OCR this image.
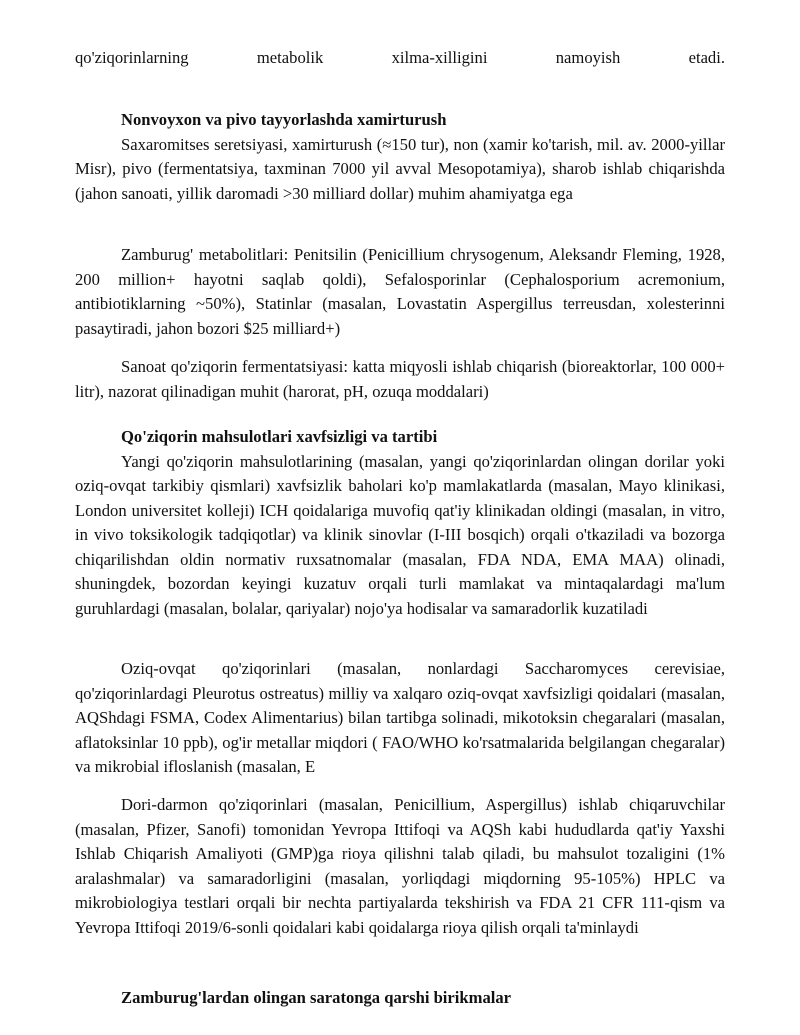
qo'ziqorinlarning metabolik xilma-xilligini namoyish etadi.

Nonvoyxon va pivo tayyorlashda xamirturush

Saxaromitses seretsiyasi, xamirturush (≈150 tur), non (xamir ko'tarish, mil. av. 2000-yillar Misr), pivo (fermentatsiya, taxminan 7000 yil avval Mesopotamiya), sharob ishlab chiqarishda (jahon sanoati, yillik daromadi >30 milliard dollar) muhim ahamiyatga ega

Zamburug' metabolitlari: Penitsilin (Penicillium chrysogenum, Aleksandr Fleming, 1928, 200 million+ hayotni saqlab qoldi), Sefalosporinlar (Cephalosporium acremonium, antibiotiklarning ~50%), Statinlar (masalan, Lovastatin Aspergillus terreusdan, xolesterinni pasaytiradi, jahon bozori $25 milliard+)

Sanoat qo'ziqorin fermentatsiyasi: katta miqyosli ishlab chiqarish (bioreaktorlar, 100 000+ litr), nazorat qilinadigan muhit (harorat, pH, ozuqa moddalari)

Qo'ziqorin mahsulotlari xavfsizligi va tartibi

Yangi qo'ziqorin mahsulotlarining (masalan, yangi qo'ziqorinlardan olingan dorilar yoki oziq-ovqat tarkibiy qismlari) xavfsizlik baholari ko'p mamlakatlarda (masalan, Mayo klinikasi, London universitet kolleji) ICH qoidalariga muvofiq qat'iy klinikadan oldingi (masalan, in vitro, in vivo toksikologik tadqiqotlar) va klinik sinovlar (I-III bosqich) orqali o'tkaziladi va bozorga chiqarilishdan oldin normativ ruxsatnomalar (masalan, FDA NDA, EMA MAA) olinadi, shuningdek, bozordan keyingi kuzatuv orqali turli mamlakat va mintaqalardagi ma'lum guruhlardagi (masalan, bolalar, qariyalar) nojo'ya hodisalar va samaradorlik kuzatiladi

Oziq-ovqat qo'ziqorinlari (masalan, nonlardagi Saccharomyces cerevisiae, qo'ziqorinlardagi Pleurotus ostreatus) milliy va xalqaro oziq-ovqat xavfsizligi qoidalari (masalan, AQShdagi FSMA, Codex Alimentarius) bilan tartibga solinadi, mikotoksin chegaralari (masalan, aflatoksinlar 10 ppb), og'ir metallar miqdori ( FAO/WHO ko'rsatmalarida belgilangan chegaralar) va mikrobial ifloslanish (masalan, E

Dori-darmon qo'ziqorinlari (masalan, Penicillium, Aspergillus) ishlab chiqaruvchilar (masalan, Pfizer, Sanofi) tomonidan Yevropa Ittifoqi va AQSh kabi hududlarda qat'iy Yaxshi Ishlab Chiqarish Amaliyoti (GMP)ga rioya qilishni talab qiladi, bu mahsulot tozaligini (1% aralashmalar) va samaradorligini (masalan, yorliqdagi miqdorning 95-105%) HPLC va mikrobiologiya testlari orqali bir nechta partiyalarda tekshirish va FDA 21 CFR 111-qism va Yevropa Ittifoqi 2019/6-sonli qoidalari kabi qoidalarga rioya qilish orqali ta'minlaydi

Zamburug'lardan olingan saratonga qarshi birikmalar
